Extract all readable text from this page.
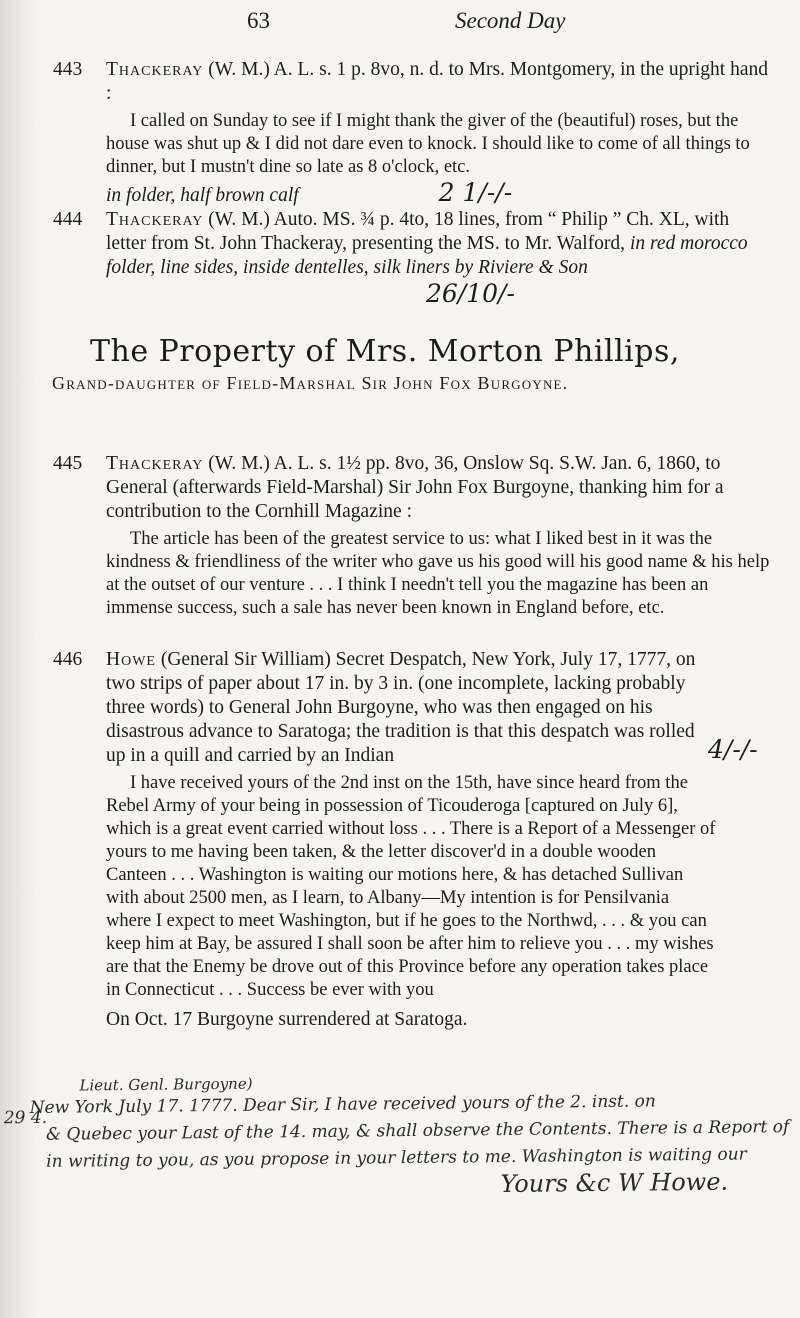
63	Second Day
443	Thackeray (W. M.) A. L. s. 1 p. 8vo, n. d. to Mrs. Montgomery, in the upright hand :

I called on Sunday to see if I might thank the giver of the (beautiful) roses, but the house was shut up & I did not dare even to knock. I should like to come of all things to dinner, but I mustn't dine so late as 8 o'clock, etc.

in folder, half brown calf	2 1/-/-
444	Thackeray (W. M.) Auto. MS. ¾ p. 4to, 18 lines, from “ Philip ” Ch. XL, with letter from St. John Thackeray, presenting the MS. to Mr. Walford, in red morocco folder, line sides, inside dentelles, silk liners by Riviere & Son
26/10/-
The Property of Mrs. Morton Phillips,
Grand-daughter of Field-Marshal Sir John Fox Burgoyne.
445	Thackeray (W. M.) A. L. s. 1½ pp. 8vo, 36, Onslow Sq. S.W. Jan. 6, 1860, to General (afterwards Field-Marshal) Sir John Fox Burgoyne, thanking him for a contribution to the Cornhill Magazine :

The article has been of the greatest service to us: what I liked best in it was the kindness & friendliness of the writer who gave us his good will his good name & his help at the outset of our venture . . . I think I needn't tell you the magazine has been an immense success, such a sale has never been known in England before, etc.

446	Howe (General Sir William) Secret Despatch, New York, July 17, 1777, on two strips of paper about 17 in. by 3 in. (one incomplete, lacking probably three words) to General John Burgoyne, who was then engaged on his disastrous advance to Saratoga; the tradition is that this despatch was rolled up in a quill and carried by an Indian	4/-/-

I have received yours of the 2nd inst on the 15th, have since heard from the Rebel Army of your being in possession of Ticouderoga [captured on July 6], which is a great event carried without loss . . . There is a Report of a Messenger of yours to me having been taken, & the letter discover'd in a double wooden Canteen . . . Washington is waiting our motions here, & has detached Sullivan with about 2500 men, as I learn, to Albany—My intention is for Pensilvania where I expect to meet Washington, but if he goes to the Northwd, . . . & you can keep him at Bay, be assured I shall soon be after him to relieve you . . . my wishes are that the Enemy be drove out of this Province before any operation takes place in Connecticut . . . Success be ever with you

On Oct. 17 Burgoyne surrendered at Saratoga.
29 4.
Lieut. Genl. Burgoyne)
New York July 17. 1777. Dear Sir, I have received yours of the 2. inst. on
& Quebec your Last of the 14. may, & shall observe the Contents. There is a Report of
in writing to you, as you propose in your letters to me. Washington is waiting our
Yours &c W Howe.
